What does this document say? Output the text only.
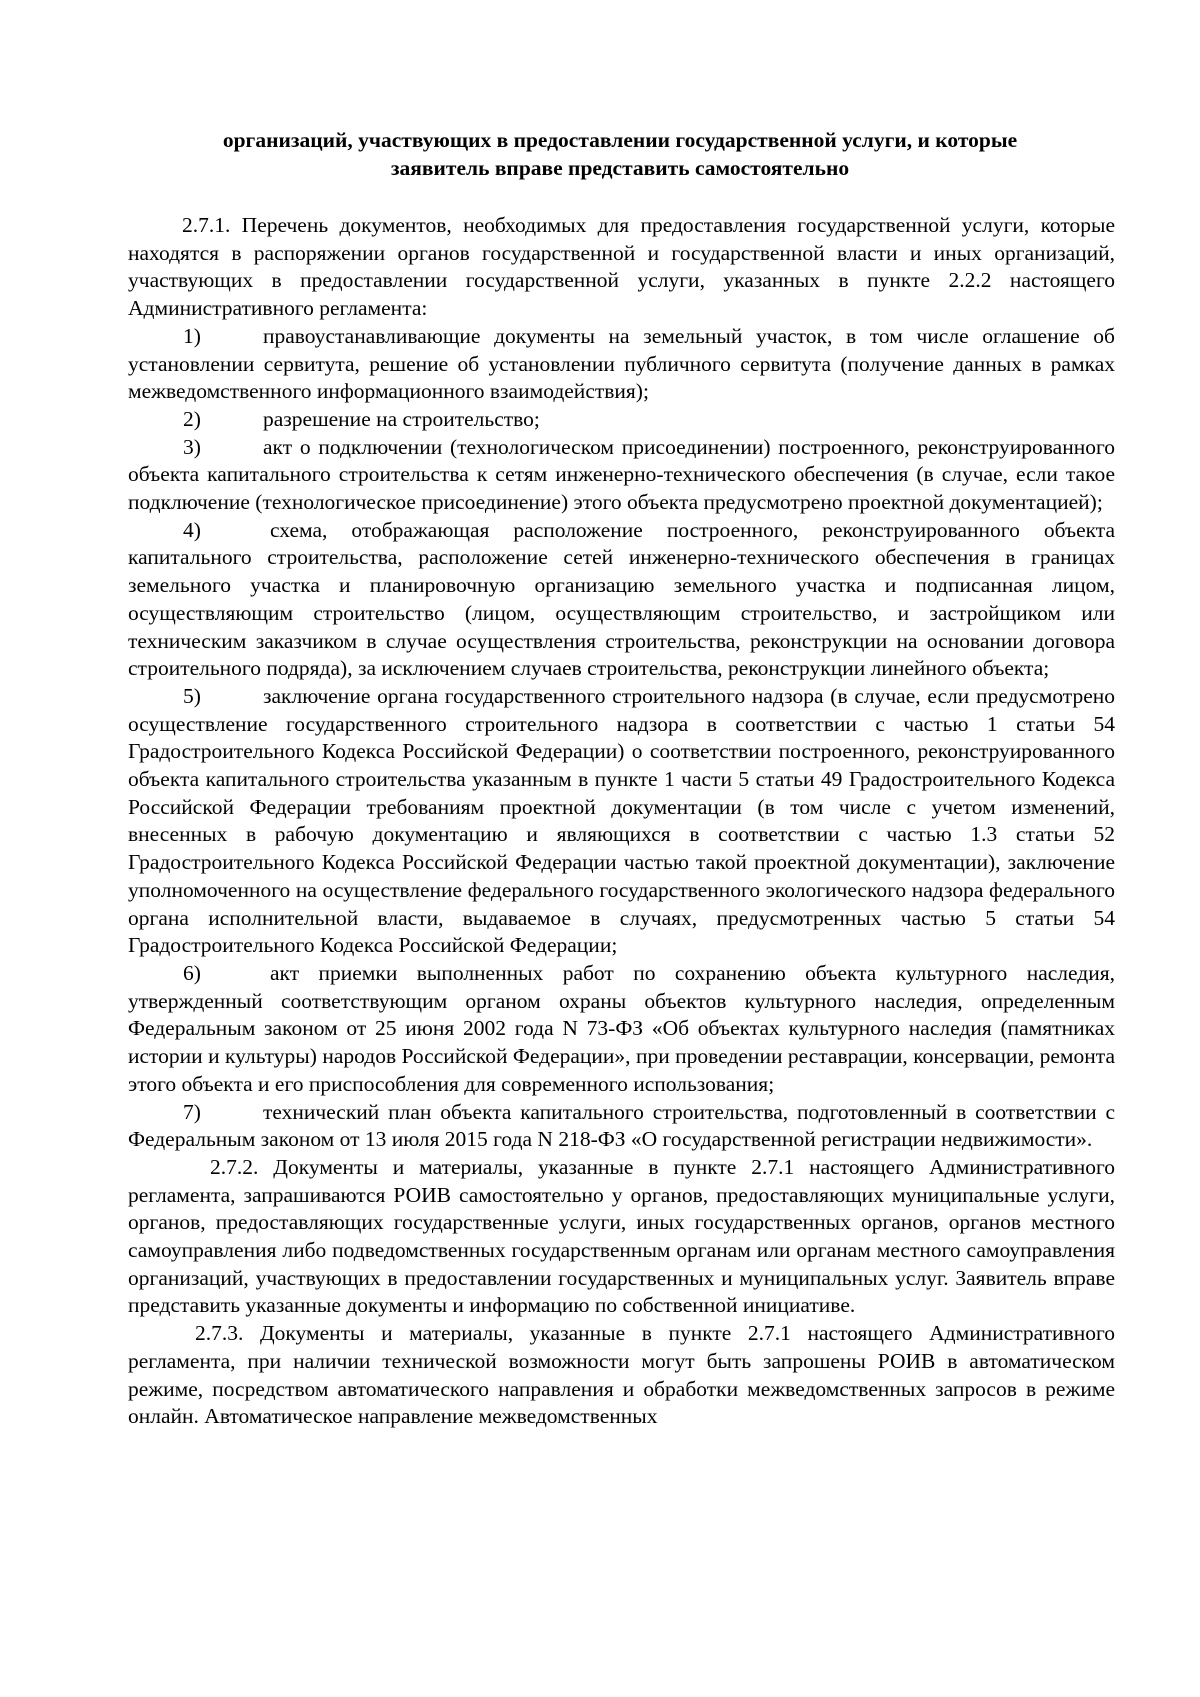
организаций, участвующих в предоставлении государственной услуги, и которые
заявитель вправе представить самостоятельно

2.7.1. Перечень документов, необходимых для предоставления государственной услуги, которые находятся в распоряжении органов государственной и государственной власти и иных организаций, участвующих в предоставлении государственной услуги, указанных в пункте 2.2.2 настоящего Административного регламента:

1)	правоустанавливающие документы на земельный участок, в том числе оглашение об установлении сервитута, решение об установлении публичного сервитута (получение данных в рамках межведомственного информационного взаимодействия);

2)	разрешение на строительство;

3)	акт о подключении (технологическом присоединении) построенного, реконструированного объекта капитального строительства к сетям инженерно-технического обеспечения (в случае, если такое подключение (технологическое присоединение) этого объекта предусмотрено проектной документацией);

4)	схема, отображающая расположение построенного, реконструированного объекта капитального строительства, расположение сетей инженерно-технического обеспечения в границах земельного участка и планировочную организацию земельного участка и подписанная лицом, осуществляющим строительство (лицом, осуществляющим строительство, и застройщиком или техническим заказчиком в случае осуществления строительства, реконструкции на основании договора строительного подряда), за исключением случаев строительства, реконструкции линейного объекта;

5)	заключение органа государственного строительного надзора (в случае, если предусмотрено осуществление государственного строительного надзора в соответствии с частью 1 статьи 54 Градостроительного Кодекса Российской Федерации) о соответствии построенного, реконструированного объекта капитального строительства указанным в пункте 1 части 5 статьи 49 Градостроительного Кодекса Российской Федерации требованиям проектной документации (в том числе с учетом изменений, внесенных в рабочую документацию и являющихся в соответствии с частью 1.3 статьи 52 Градостроительного Кодекса Российской Федерации частью такой проектной документации), заключение уполномоченного на осуществление федерального государственного экологического надзора федерального органа исполнительной власти, выдаваемое в случаях, предусмотренных частью 5 статьи 54 Градостроительного Кодекса Российской Федерации;

6)	акт приемки выполненных работ по сохранению объекта культурного наследия, утвержденный соответствующим органом охраны объектов культурного наследия, определенным Федеральным законом от 25 июня 2002 года N 73-ФЗ «Об объектах культурного наследия (памятниках истории и культуры) народов Российской Федерации», при проведении реставрации, консервации, ремонта этого объекта и его приспособления для современного использования;

7)	технический план объекта капитального строительства, подготовленный в соответствии с Федеральным законом от 13 июля 2015 года N 218-ФЗ «О государственной регистрации недвижимости».

2.7.2. Документы и материалы, указанные в пункте 2.7.1 настоящего Административного регламента, запрашиваются РОИВ самостоятельно у органов, предоставляющих муниципальные услуги, органов, предоставляющих государственные услуги, иных государственных органов, органов местного самоуправления либо подведомственных государственным органам или органам местного самоуправления организаций, участвующих в предоставлении государственных и муниципальных услуг. Заявитель вправе представить указанные документы и информацию по собственной инициативе.

2.7.3. Документы и материалы, указанные в пункте 2.7.1 настоящего Административного регламента, при наличии технической возможности могут быть запрошены РОИВ в автоматическом режиме, посредством автоматического направления и обработки межведомственных запросов в режиме онлайн. Автоматическое направление межведомственных
